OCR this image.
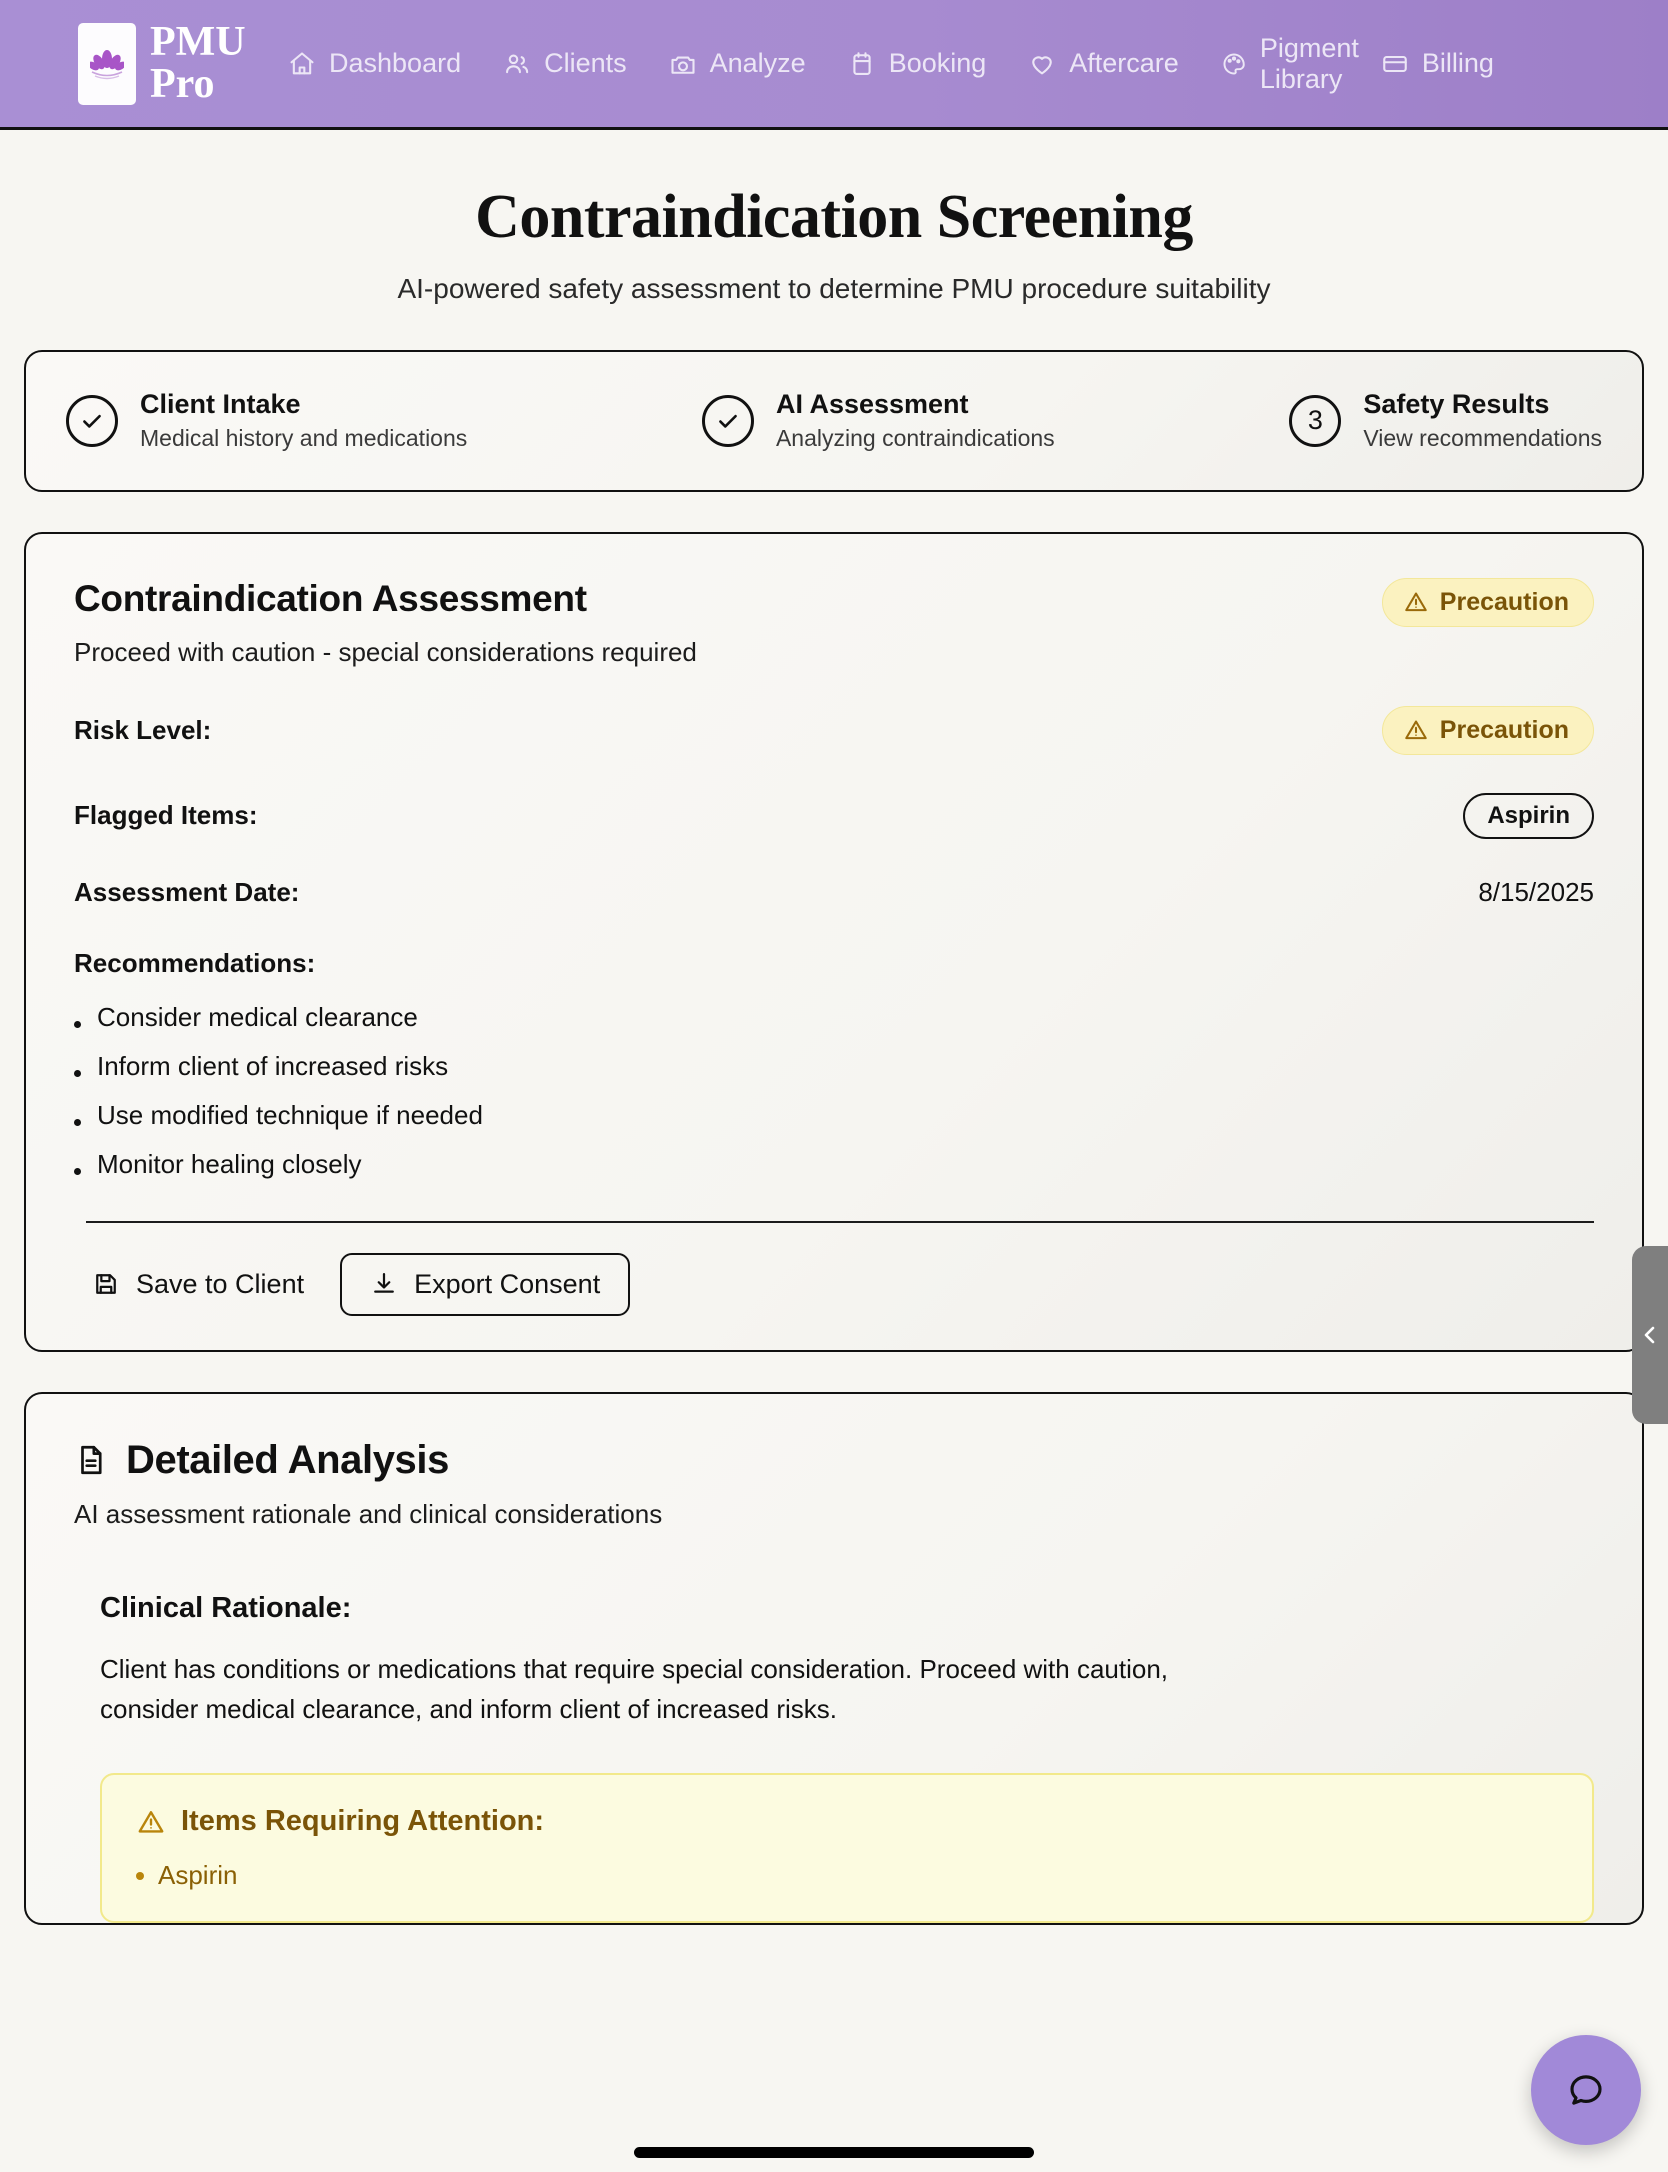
PMU Pro	Dashboard	Clients	Analyze	Booking	Aftercare	Pigment Library
Billing
Contraindication Screening

AI-powered safety assessment to determine PMU procedure suitability

Client Intake
Medical history and medications
AI Assessment
Analyzing contraindications
3
Safety Results
View recommendations
Contraindication Assessment
Proceed with caution - special considerations required
Precaution
Risk Level:	Precaution
Flagged Items:	Aspirin
Assessment Date:	8/15/2025
Recommendations:
Consider medical clearance
Inform client of increased risks
Use modified technique if needed
Monitor healing closely
Save to Client	Export Consent
Detailed Analysis
AI assessment rationale and clinical considerations
Clinical Rationale:

Client has conditions or medications that require special consideration. Proceed with caution, consider medical clearance, and inform client of increased risks.

Items Requiring Attention:
Aspirin
